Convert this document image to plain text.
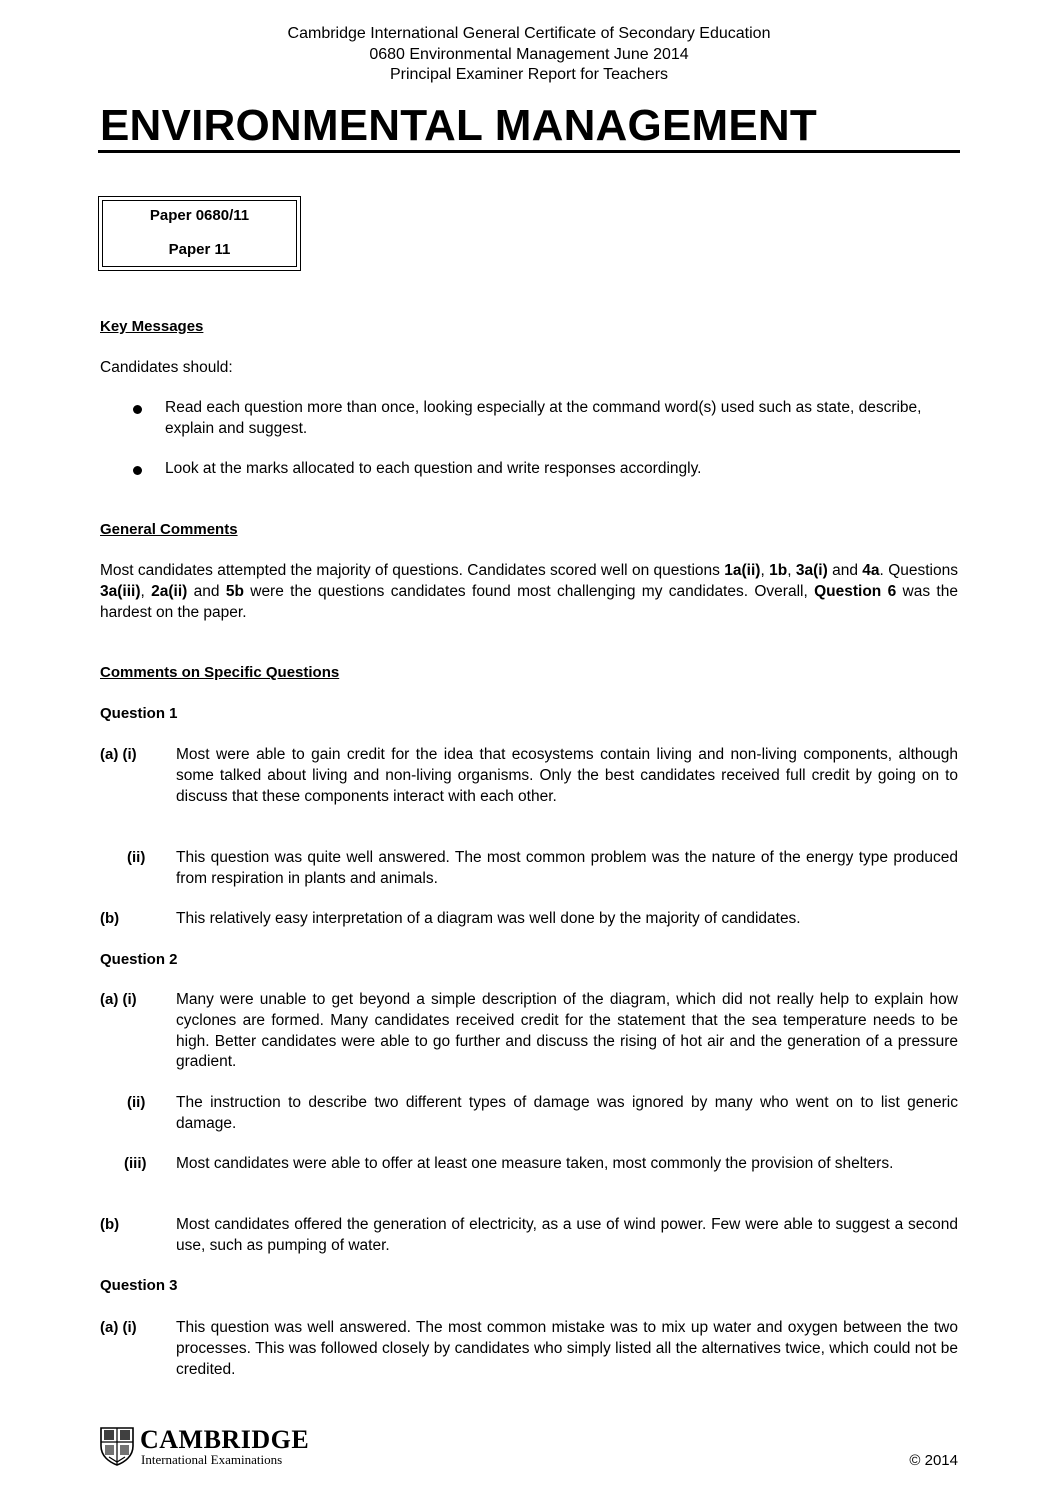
Cambridge International General Certificate of Secondary Education
0680 Environmental Management June 2014
Principal Examiner Report for Teachers
ENVIRONMENTAL MANAGEMENT
Paper 0680/11
Paper 11
Key Messages
Candidates should:
Read each question more than once, looking especially at the command word(s) used such as state, describe, explain and suggest.
Look at the marks allocated to each question and write responses accordingly.
General Comments
Most candidates attempted the majority of questions. Candidates scored well on questions 1a(ii), 1b, 3a(i) and 4a. Questions 3a(iii), 2a(ii) and 5b were the questions candidates found most challenging my candidates. Overall, Question 6 was the hardest on the paper.
Comments on Specific Questions
Question 1
(a) (i)	Most were able to gain credit for the idea that ecosystems contain living and non-living components, although some talked about living and non-living organisms. Only the best candidates received full credit by going on to discuss that these components interact with each other.
(ii) This question was quite well answered. The most common problem was the nature of the energy type produced from respiration in plants and animals.
(b)	This relatively easy interpretation of a diagram was well done by the majority of candidates.
Question 2
(a) (i)	Many were unable to get beyond a simple description of the diagram, which did not really help to explain how cyclones are formed. Many candidates received credit for the statement that the sea temperature needs to be high. Better candidates were able to go further and discuss the rising of hot air and the generation of a pressure gradient.
(ii) The instruction to describe two different types of damage was ignored by many who went on to list generic damage.
(iii) Most candidates were able to offer at least one measure taken, most commonly the provision of shelters.
(b)	Most candidates offered the generation of electricity, as a use of wind power. Few were able to suggest a second use, such as pumping of water.
Question 3
(a) (i)	This question was well answered. The most common mistake was to mix up water and oxygen between the two processes. This was followed closely by candidates who simply listed all the alternatives twice, which could not be credited.
CAMBRIDGE
International Examinations	© 2014
